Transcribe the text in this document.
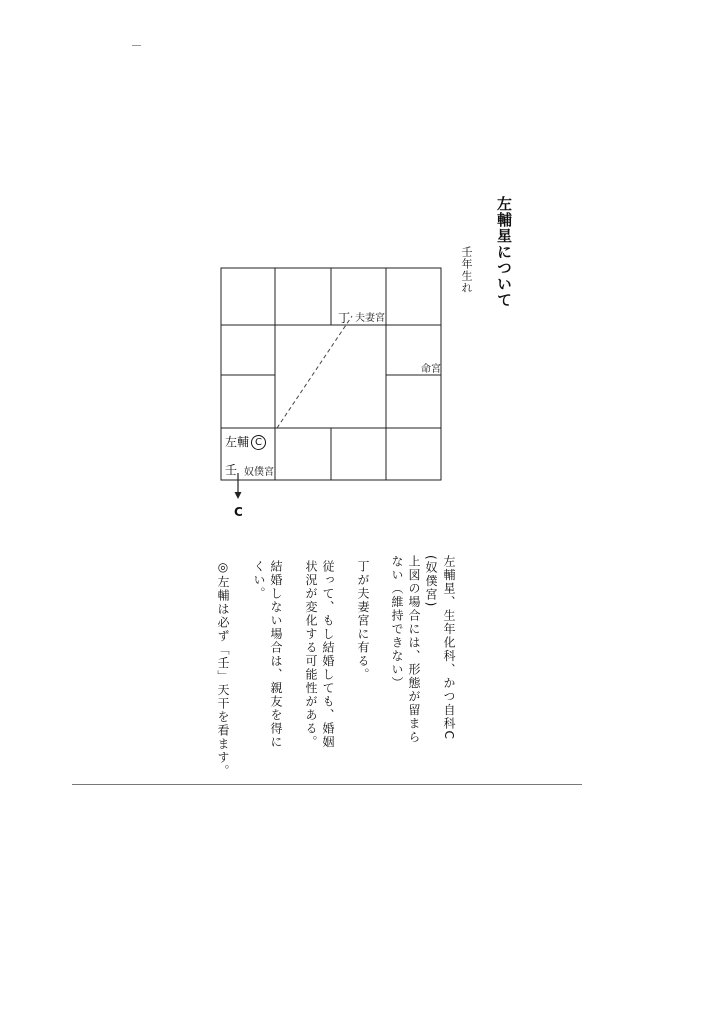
左輔星について
壬年生れ
丁 夫妻宮
命宮
左輔 C
壬 奴僕宮
C
左輔星、生年化科、かつ自科C
(奴僕宮)
上図の場合には、形態が留まら
ない（維持できない）
丁が夫妻宮に有る。
従って、もし結婚しても、婚姻
状況が変化する可能性がある。
結婚しない場合は、親友を得に
くい。
◎左輔は必ず「壬」天干を看ます。
